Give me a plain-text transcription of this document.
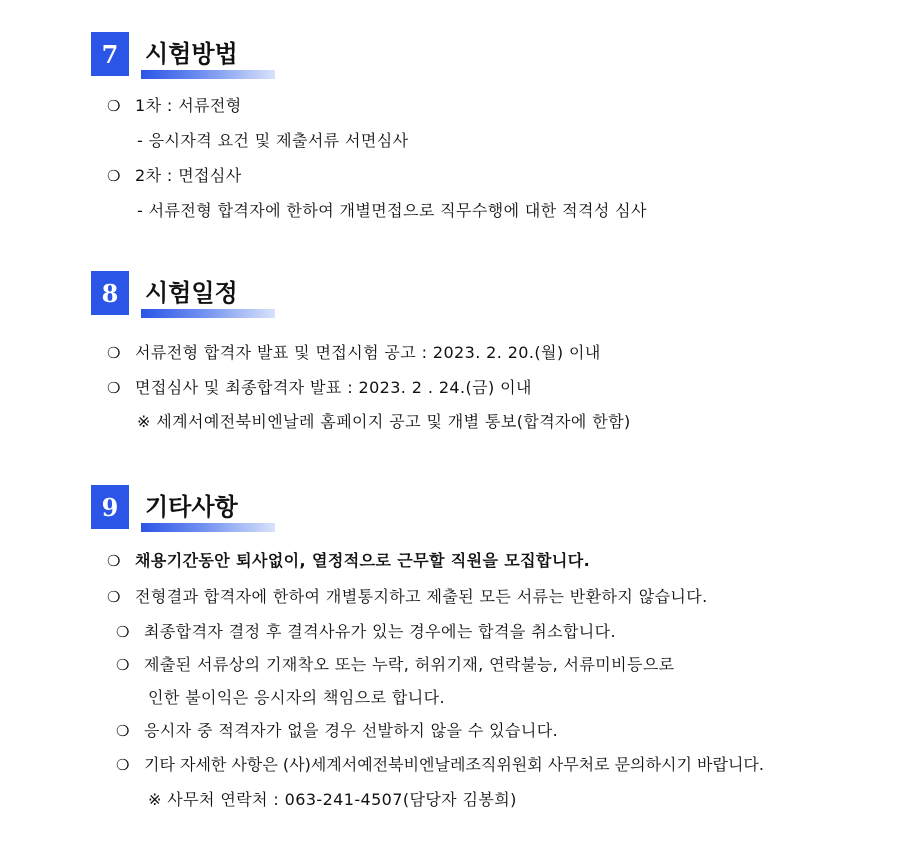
7	시험방법
❍ 1차 : 서류전형
- 응시자격 요건 및 제출서류 서면심사
❍ 2차 : 면접심사
- 서류전형 합격자에 한하여 개별면접으로 직무수행에 대한 적격성 심사
8	시험일정
❍ 서류전형 합격자 발표 및 면접시험 공고 : 2023. 2. 20.(월) 이내
❍ 면접심사 및 최종합격자 발표 : 2023. 2 . 24.(금) 이내
※ 세계서예전북비엔날레 홈페이지 공고 및 개별 통보(합격자에 한함)
9	기타사항
❍ 채용기간동안 퇴사없이, 열정적으로 근무할 직원을 모집합니다.
❍ 전형결과 합격자에 한하여 개별통지하고 제출된 모든 서류는 반환하지 않습니다.
❍ 최종합격자 결정 후 결격사유가 있는 경우에는 합격을 취소합니다.
❍ 제출된 서류상의 기재착오 또는 누락, 허위기재, 연락불능, 서류미비등으로
인한 불이익은 응시자의 책임으로 합니다.
❍ 응시자 중 적격자가 없을 경우 선발하지 않을 수 있습니다.
❍ 기타 자세한 사항은 (사)세계서예전북비엔날레조직위원회 사무처로 문의하시기 바랍니다.
※ 사무처 연락처 : 063-241-4507(담당자 김봉희)
